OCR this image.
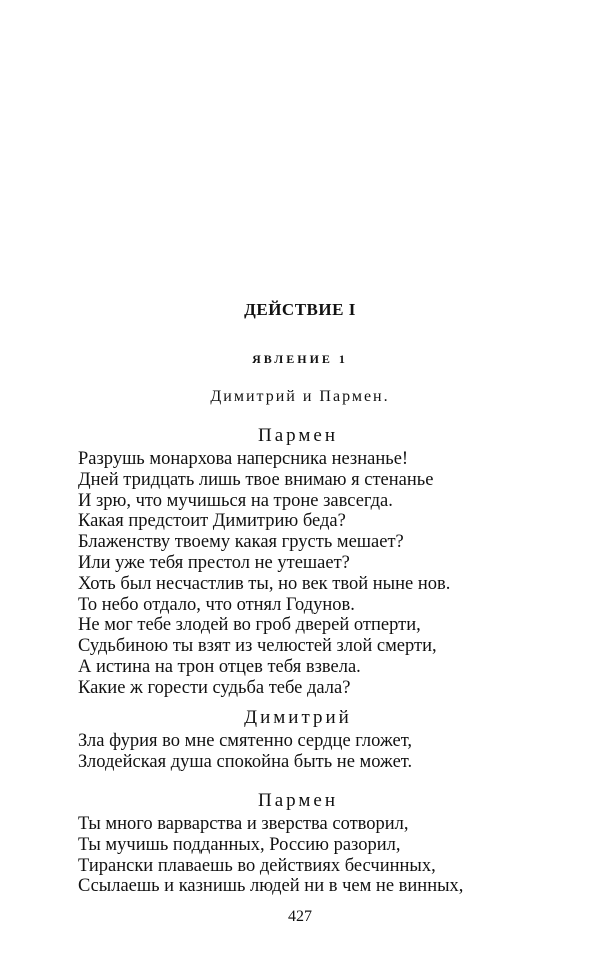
ДЕЙСТВИЕ I
ЯВЛЕНИЕ 1
Димитрий и Пармен.
Пармен
Разрушь монархова наперсника незнанье!
Дней тридцать лишь твое внимаю я стенанье
И зрю, что мучишься на троне завсегда.
Какая предстоит Димитрию беда?
Блаженству твоему какая грусть мешает?
Или уже тебя престол не утешает?
Хоть был несчастлив ты, но век твой ныне нов.
То небо отдало, что отнял Годунов.
Не мог тебе злодей во гроб дверей отперти,
Судьбиною ты взят из челюстей злой смерти,
А истина на трон отцев тебя взвела.
Какие ж горести судьба тебе дала?
Димитрий
Зла фурия во мне смятенно сердце гложет,
Злодейская душа спокойна быть не может.
Пармен
Ты много варварства и зверства сотворил,
Ты мучишь подданных, Россию разорил,
Тирански плаваешь во действиях бесчинных,
Ссылаешь и казнишь людей ни в чем не винных,
427
